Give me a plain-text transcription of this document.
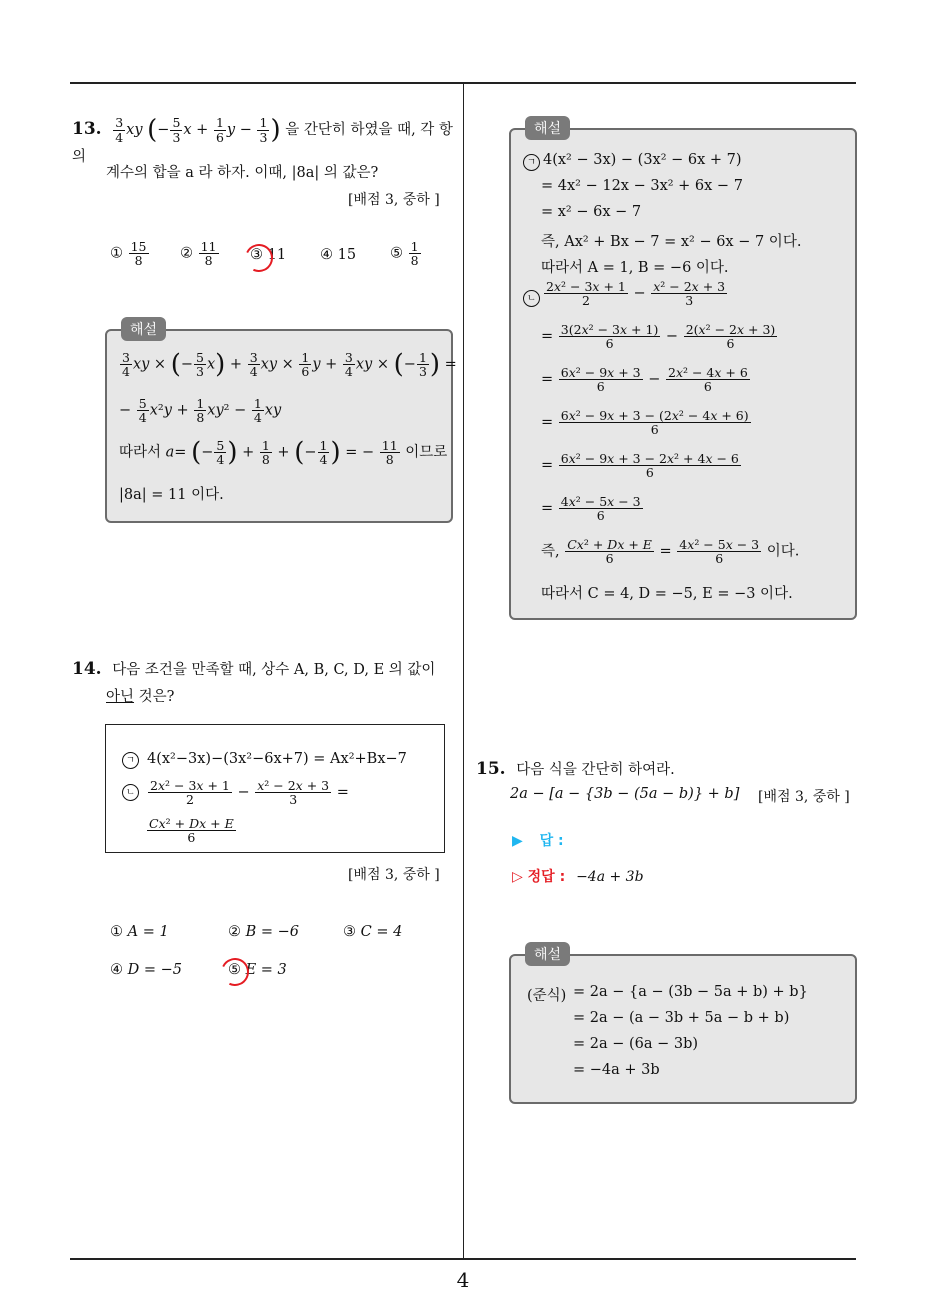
4
13. $\frac{3}{4}$ xy (− $\frac{5}{3}$ $x + \frac{1}{6}$ $y - \frac{1}{3}$ ) 을 간단히 하였을 때, 각 항의
계수의 합을 a 라 하자. 이때, |8a| 의 값은?
[배점 3, 중하 ]
① $\frac{15}{8}$ ② $\frac{11}{8}$ ③ 11 ④ 15 ⑤ $\frac{1}{8}$
해설
$\frac{3}{4}$ xy × (− $\frac{5}{3} x) + \frac{3}{4}$ xy × $\frac{1}{6}$ $y + \frac{3}{4}$ xy × (− $\frac{1}{3}$ ) =
− $\frac{5}{4} x^2y + \frac{1}{8} xy^2 - \frac{1}{4}$ xy
따라서 a= (− $\frac{5}{4}$ ) + $\frac{1}{8}$ + (− $\frac{1}{4}$ ) = − $\frac{11}{8}$ 이므로
|8a| = 11 이다.
14. 다음 조건을 만족할 때, 상수 A, B, C, D, E 의 값이
아닌 것은?
ㄱ 4(x²−3x)−(3x²−6x+7) = Ax²+Bx−7
ㄴ $\frac{\text{2x² − 3x + 1}}{2} - \frac{\text{x² − 2x + 3}}{3}$ =
$\frac{\text{Cx² + Dx + E}}{6}$
[배점 3, 중하 ]
① A = 1	② B = −6	③ C = 4
④ D = −5	⑤ E = 3
해설
ㄱ 4(x² − 3x) − (3x² − 6x + 7)
= 4x² − 12x − 3x² + 6x − 7
= x² − 6x − 7
즉, Ax² + Bx − 7 = x² − 6x − 7 이다.
따라서 A = 1, B = −6 이다.
ㄴ $\frac{\text{2x² − 3x + 1}}{2} - \frac{\text{x² − 2x + 3}}{3}$
= $\frac{\text{3(2x² − 3x + 1)}}{6} - \frac{\text{2(x² − 2x + 3)}}{6}$
= $\frac{\text{6x² − 9x + 3}}{6} - \frac{\text{2x² − 4x + 6}}{6}$
= $\frac{\text{6x² − 9x + 3 − (2x² − 4x + 6)}}{6}$
= $\frac{\text{6x² − 9x + 3 − 2x² + 4x − 6}}{6}$
= $\frac{\text{4x² − 5x − 3}}{6}$
즉, $\frac{\text{Cx² + Dx + E}}{6} = \frac{\text{4x² − 5x − 3}}{6}$ 이다.
따라서 C = 4, D = −5, E = −3 이다.
15. 다음 식을 간단히 하여라.
2a − [a − {3b − (5a − b)} + b] [배점 3, 중하 ]
▶ 답 :
▷ 정답 : −4a + 3b
해설
(준식) = 2a − {a − (3b − 5a + b) + b}
= 2a − (a − 3b + 5a − b + b)
= 2a − (6a − 3b)
= −4a + 3b
